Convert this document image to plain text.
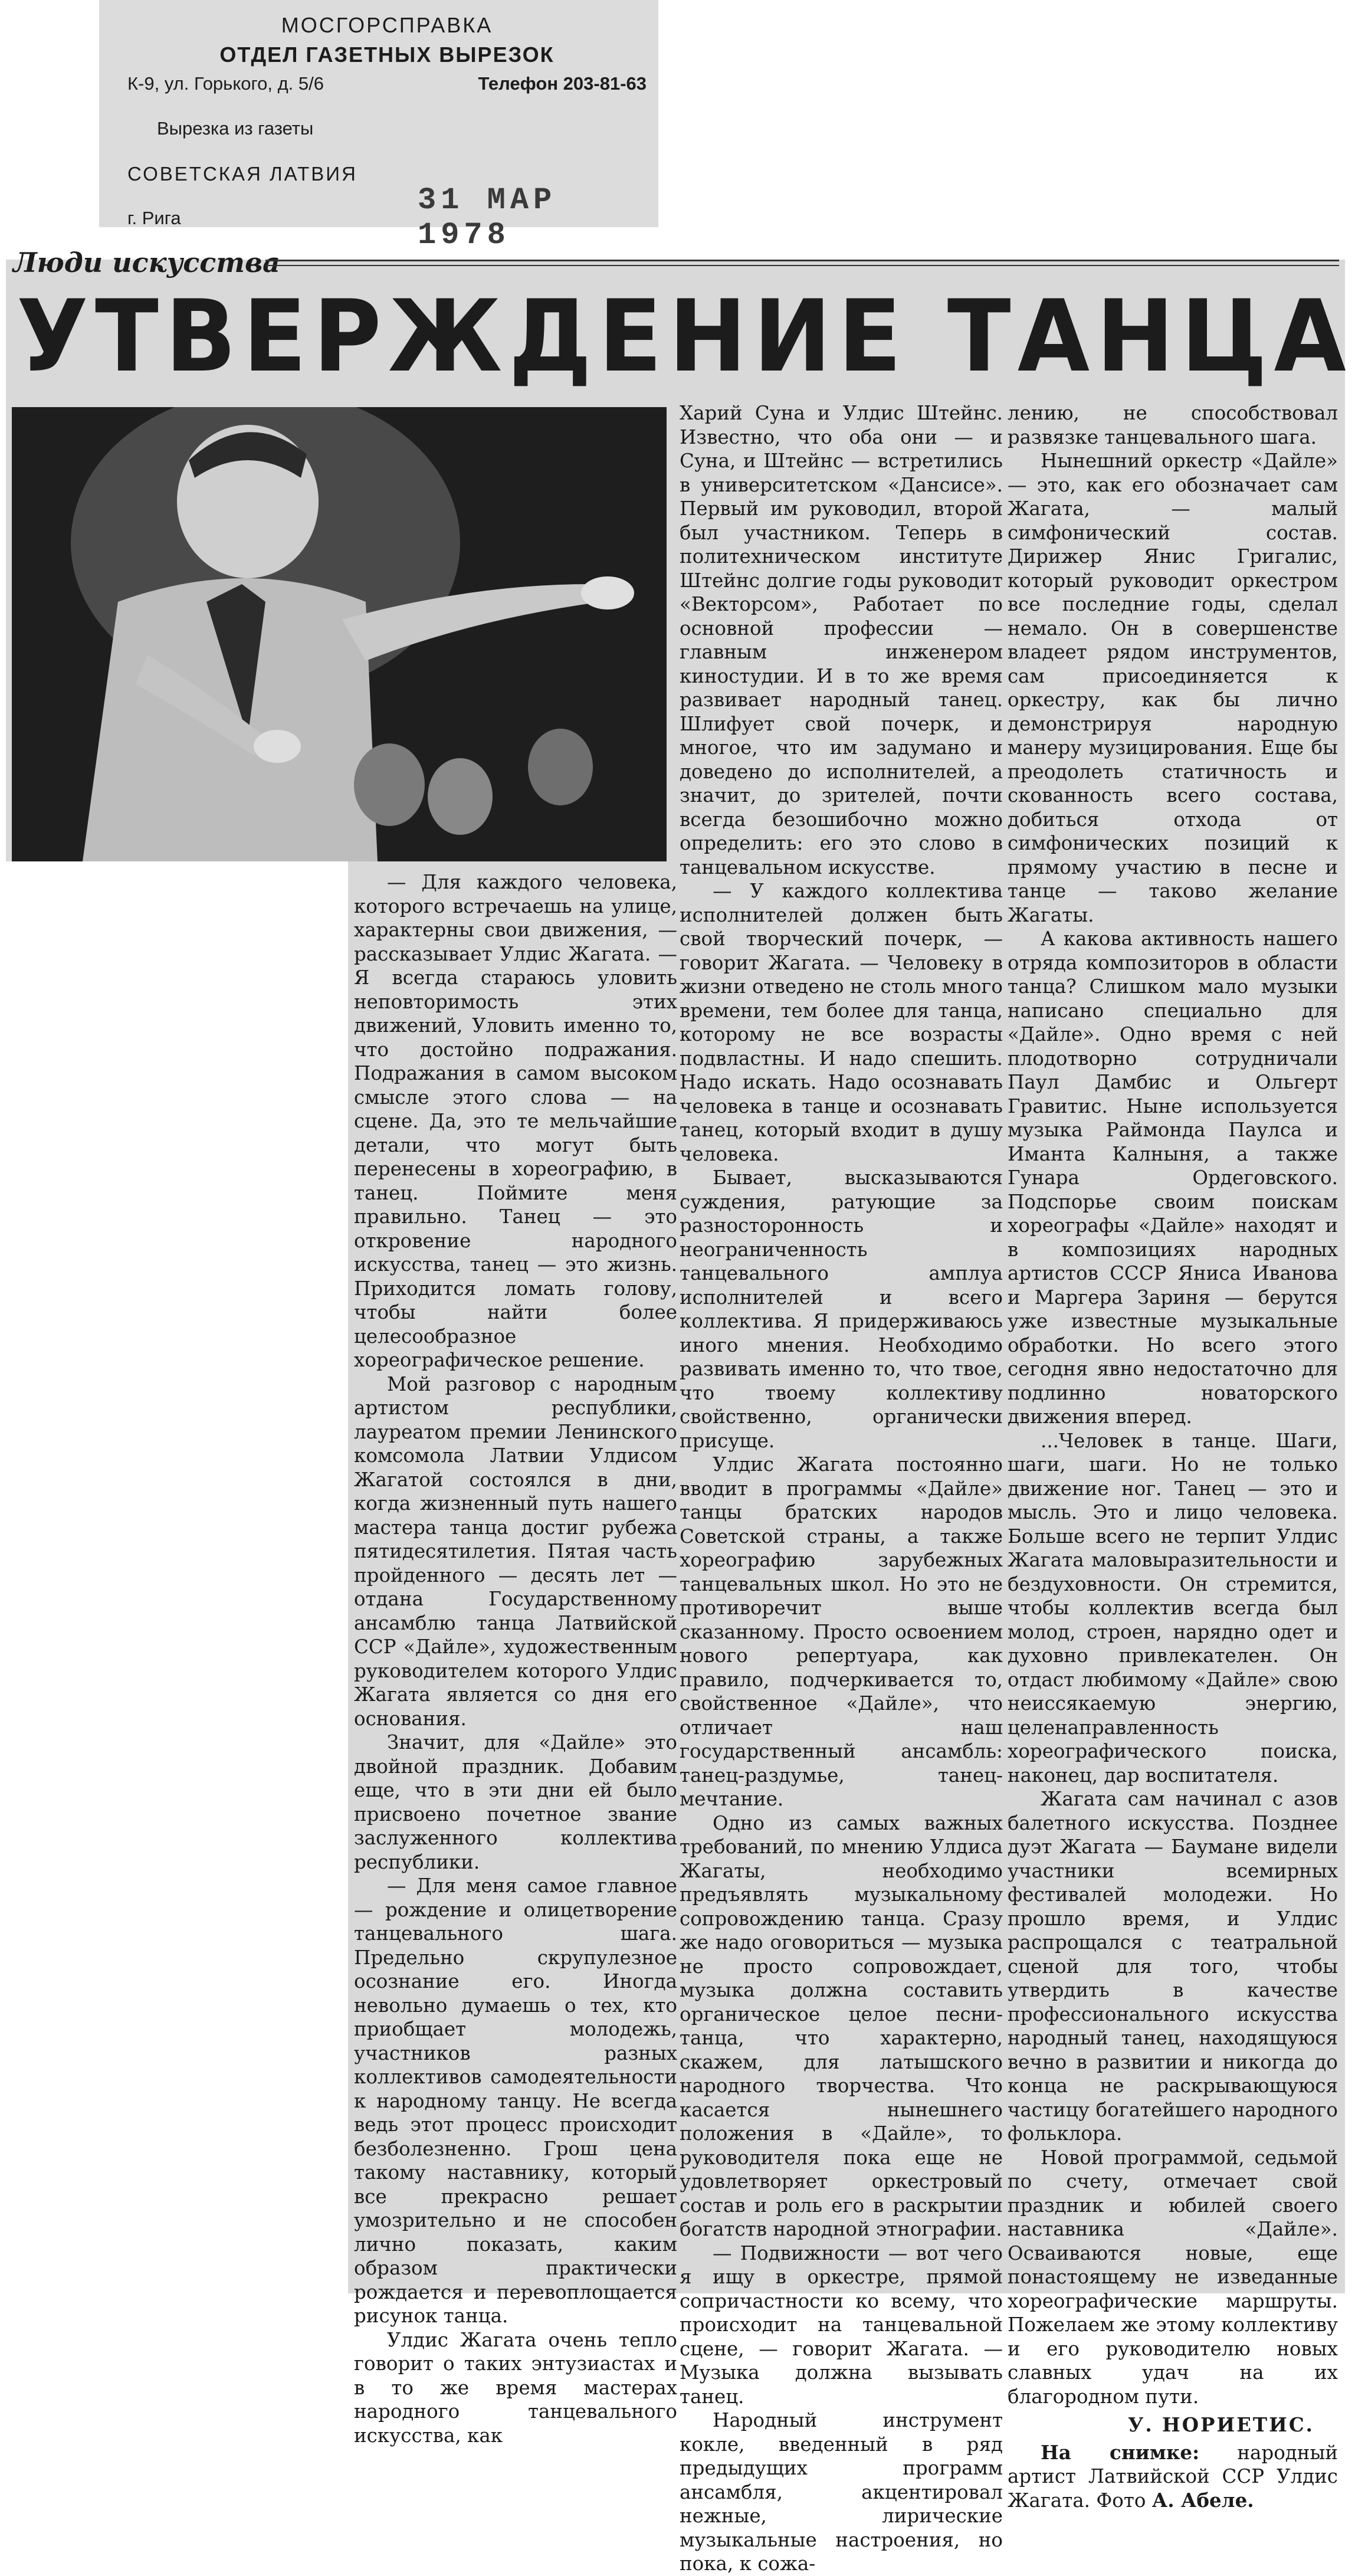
МОСГОРСПРАВКА
ОТДЕЛ ГАЗЕТНЫХ ВЫРЕЗОК
К-9, ул. Горького, д. 5/6	Телефон 203-81-63
Вырезка из газеты
СОВЕТСКАЯ ЛАТВИЯ
г. Рига
31 МАР 1978
Люди искусства
УТВЕРЖДЕНИЕ ТАНЦА

— Для каждого человека, которого встречаешь на улице, характерны свои движения, — рассказывает Улдис Жагата. — Я всегда стараюсь уловить неповторимость этих движений, Уловить именно то, что достойно подражания. Подражания в самом высоком смысле этого слова — на сцене. Да, это те мельчайшие детали, что могут быть перенесены в хореографию, в танец. Поймите меня правильно. Танец — это откровение народного искусства, танец — это жизнь. Приходится ломать голову, чтобы найти более целесообразное хореографическое решение.

Мой разговор с народным артистом республики, лауреатом премии Ленинского комсомола Латвии Улдисом Жагатой состоялся в дни, когда жизненный путь нашего мастера танца достиг рубежа пятидесятилетия. Пятая часть пройденного — десять лет — отдана Государственному ансамблю танца Латвийской ССР «Дайле», художественным руководителем которого Улдис Жагата является со дня его основания.

Значит, для «Дайле» это двойной праздник. Добавим еще, что в эти дни ей было присвоено почетное звание заслуженного коллектива республики.

— Для меня самое главное — рождение и олицетворение танцевального шага. Предельно скрупулезное осознание его. Иногда невольно думаешь о тех, кто приобщает молодежь, участников разных коллективов самодеятельности к народному танцу. Не всегда ведь этот процесс происходит безболезненно. Грош цена такому наставнику, который все прекрасно решает умозрительно и не способен лично показать, каким образом практически рождается и перевоплощается рисунок танца.

Улдис Жагата очень тепло говорит о таких энтузиастах и в то же время мастерах народного танцевального искусства, как

Харий Суна и Улдис Штейнс. Известно, что оба они — и Суна, и Штейнс — встретились в университетском «Дансисе». Первый им руководил, второй был участником. Теперь в политехническом институте Штейнс долгие годы руководит «Векторсом», Работает по основной профессии — главным инженером киностудии. И в то же время развивает народный танец. Шлифует свой почерк, и многое, что им задумано и доведено до исполнителей, а значит, до зрителей, почти всегда безошибочно можно определить: его это слово в танцевальном искусстве.

— У каждого коллектива исполнителей должен быть свой творческий почерк, — говорит Жагата. — Человеку в жизни отведено не столь много времени, тем более для танца, которому не все возрасты подвластны. И надо спешить. Надо искать. Надо осознавать человека в танце и осознавать танец, который входит в душу человека.

Бывает, высказываются суждения, ратующие за разносторонность и неограниченность танцевального амплуа исполнителей и всего коллектива. Я придерживаюсь иного мнения. Необходимо развивать именно то, что твое, что твоему коллективу свойственно, органически присуще.

Улдис Жагата постоянно вводит в программы «Дайле» танцы братских народов Советской страны, а также хореографию зарубежных танцевальных школ. Но это не противоречит выше сказанному. Просто освоением нового репертуара, как правило, подчеркивается то, свойственное «Дайле», что отличает наш государственный ансамбль: танец-раздумье, танец-мечтание.

Одно из самых важных требований, по мнению Улдиса Жагаты, необходимо предъявлять музыкальному сопровождению танца. Сразу же надо оговориться — музыка не просто сопровождает, музыка должна составить органическое целое песни-танца, что характерно, скажем, для латышского народного творчества. Что касается нынешнего положения в «Дайле», то руководителя пока еще не удовлетворяет оркестровый состав и роль его в раскрытии богатств народной этнографии.

— Подвижности — вот чего я ищу в оркестре, прямой сопричастности ко всему, что происходит на танцевальной сцене, — говорит Жагата. — Музыка должна вызывать танец.

Народный инструмент кокле, введенный в ряд предыдущих программ ансамбля, акцентировал нежные, лирические музыкальные настроения, но пока, к сожа-

лению, не способствовал развязке танцевального шага.

Нынешний оркестр «Дайле» — это, как его обозначает сам Жагата, — малый симфонический состав. Дирижер Янис Григалис, который руководит оркестром все последние годы, сделал немало. Он в совершенстве владеет рядом инструментов, сам присоединяется к оркестру, как бы лично демонстрируя народную манеру музицирования. Еще бы преодолеть статичность и скованность всего состава, добиться отхода от симфонических позиций к прямому участию в песне и танце — таково желание Жагаты.

А какова активность нашего отряда композиторов в области танца? Слишком мало музыки написано специально для «Дайле». Одно время с ней плодотворно сотрудничали Паул Дамбис и Ольгерт Гравитис. Ныне используется музыка Раймонда Паулса и Иманта Калныня, а также Гунара Ордеговского. Подспорье своим поискам хореографы «Дайле» находят и в композициях народных артистов СССР Яниса Иванова и Маргера Зариня — берутся уже известные музыкальные обработки. Но всего этого сегодня явно недостаточно для подлинно новаторского движения вперед.

...Человек в танце. Шаги, шаги, шаги. Но не только движение ног. Танец — это и мысль. Это и лицо человека. Больше всего не терпит Улдис Жагата маловыразительности и бездуховности. Он стремится, чтобы коллектив всегда был молод, строен, нарядно одет и духовно привлекателен. Он отдаст любимому «Дайле» свою неиссякаемую энергию, целенаправленность хореографического поиска, наконец, дар воспитателя.

Жагата сам начинал с азов балетного искусства. Позднее дуэт Жагата — Баумане видели участники всемирных фестивалей молодежи. Но прошло время, и Улдис распрощался с театральной сценой для того, чтобы утвердить в качестве профессионального искусства народный танец, находящуюся вечно в развитии и никогда до конца не раскрывающуюся частицу богатейшего народного фольклора.

Новой программой, седьмой по счету, отмечает свой праздник и юбилей своего наставника «Дайле». Осваиваются новые, еще понастоящему не изведанные хореографические маршруты. Пожелаем же этому коллективу и его руководителю новых славных удач на их благородном пути.

У. НОРИЕТИС.
На снимке: народный артист Латвийской ССР Улдис Жагата. Фото А. Абеле.
